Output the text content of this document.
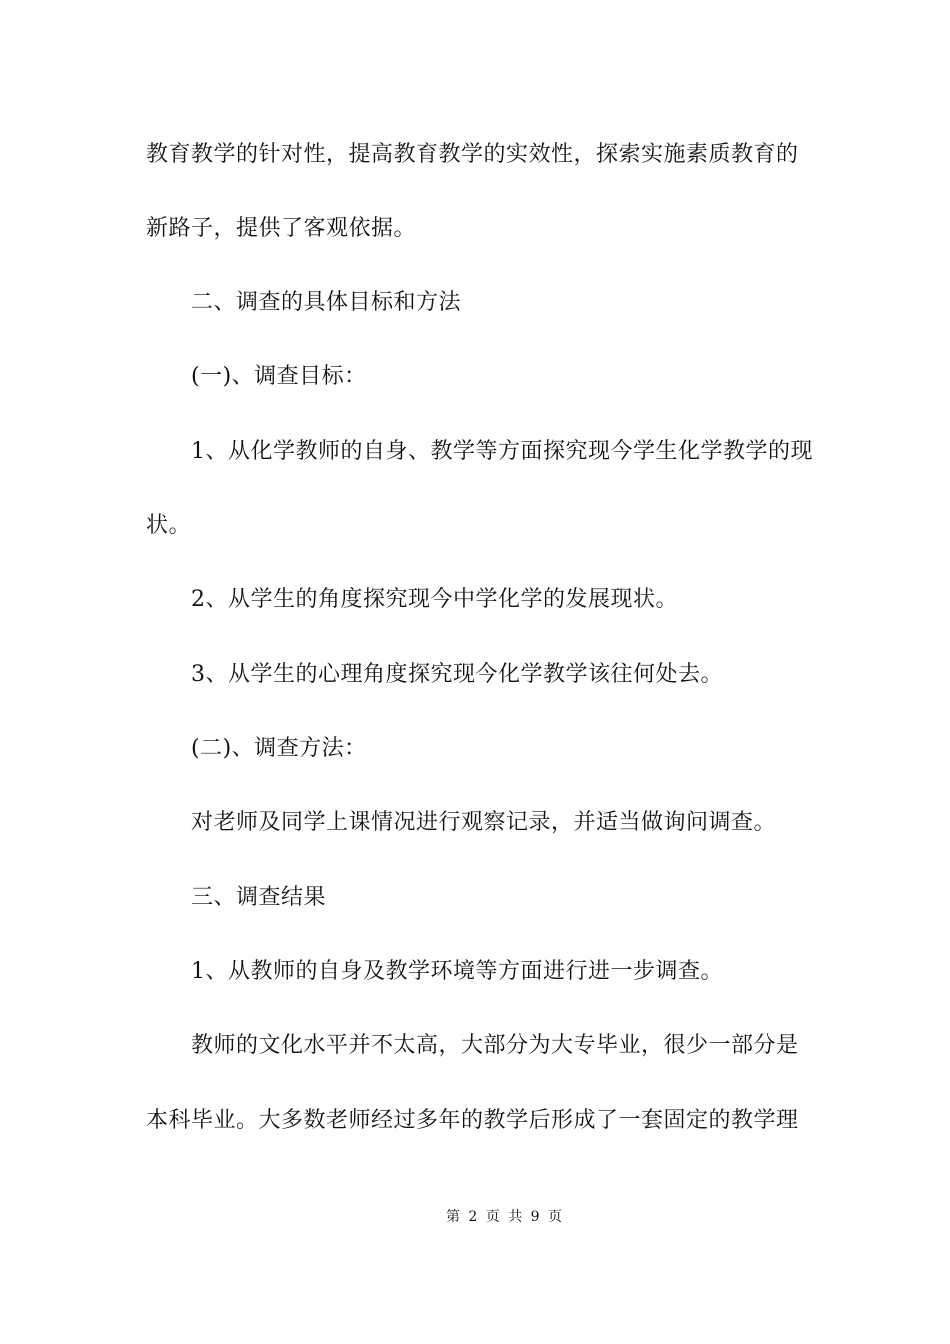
教育教学的针对性，提高教育教学的实效性，探索实施素质教育的
新路子，提供了客观依据。
二、调查的具体目标和方法
(一)、调查目标：
1、从化学教师的自身、教学等方面探究现今学生化学教学的现
状。
2、从学生的角度探究现今中学化学的发展现状。
3、从学生的心理角度探究现今化学教学该往何处去。
(二)、调查方法：
对老师及同学上课情况进行观察记录，并适当做询问调查。
三、调查结果
1、从教师的自身及教学环境等方面进行进一步调查。
教师的文化水平并不太高，大部分为大专毕业，很少一部分是
本科毕业。大多数老师经过多年的教学后形成了一套固定的教学理
第 2 页 共 9 页
